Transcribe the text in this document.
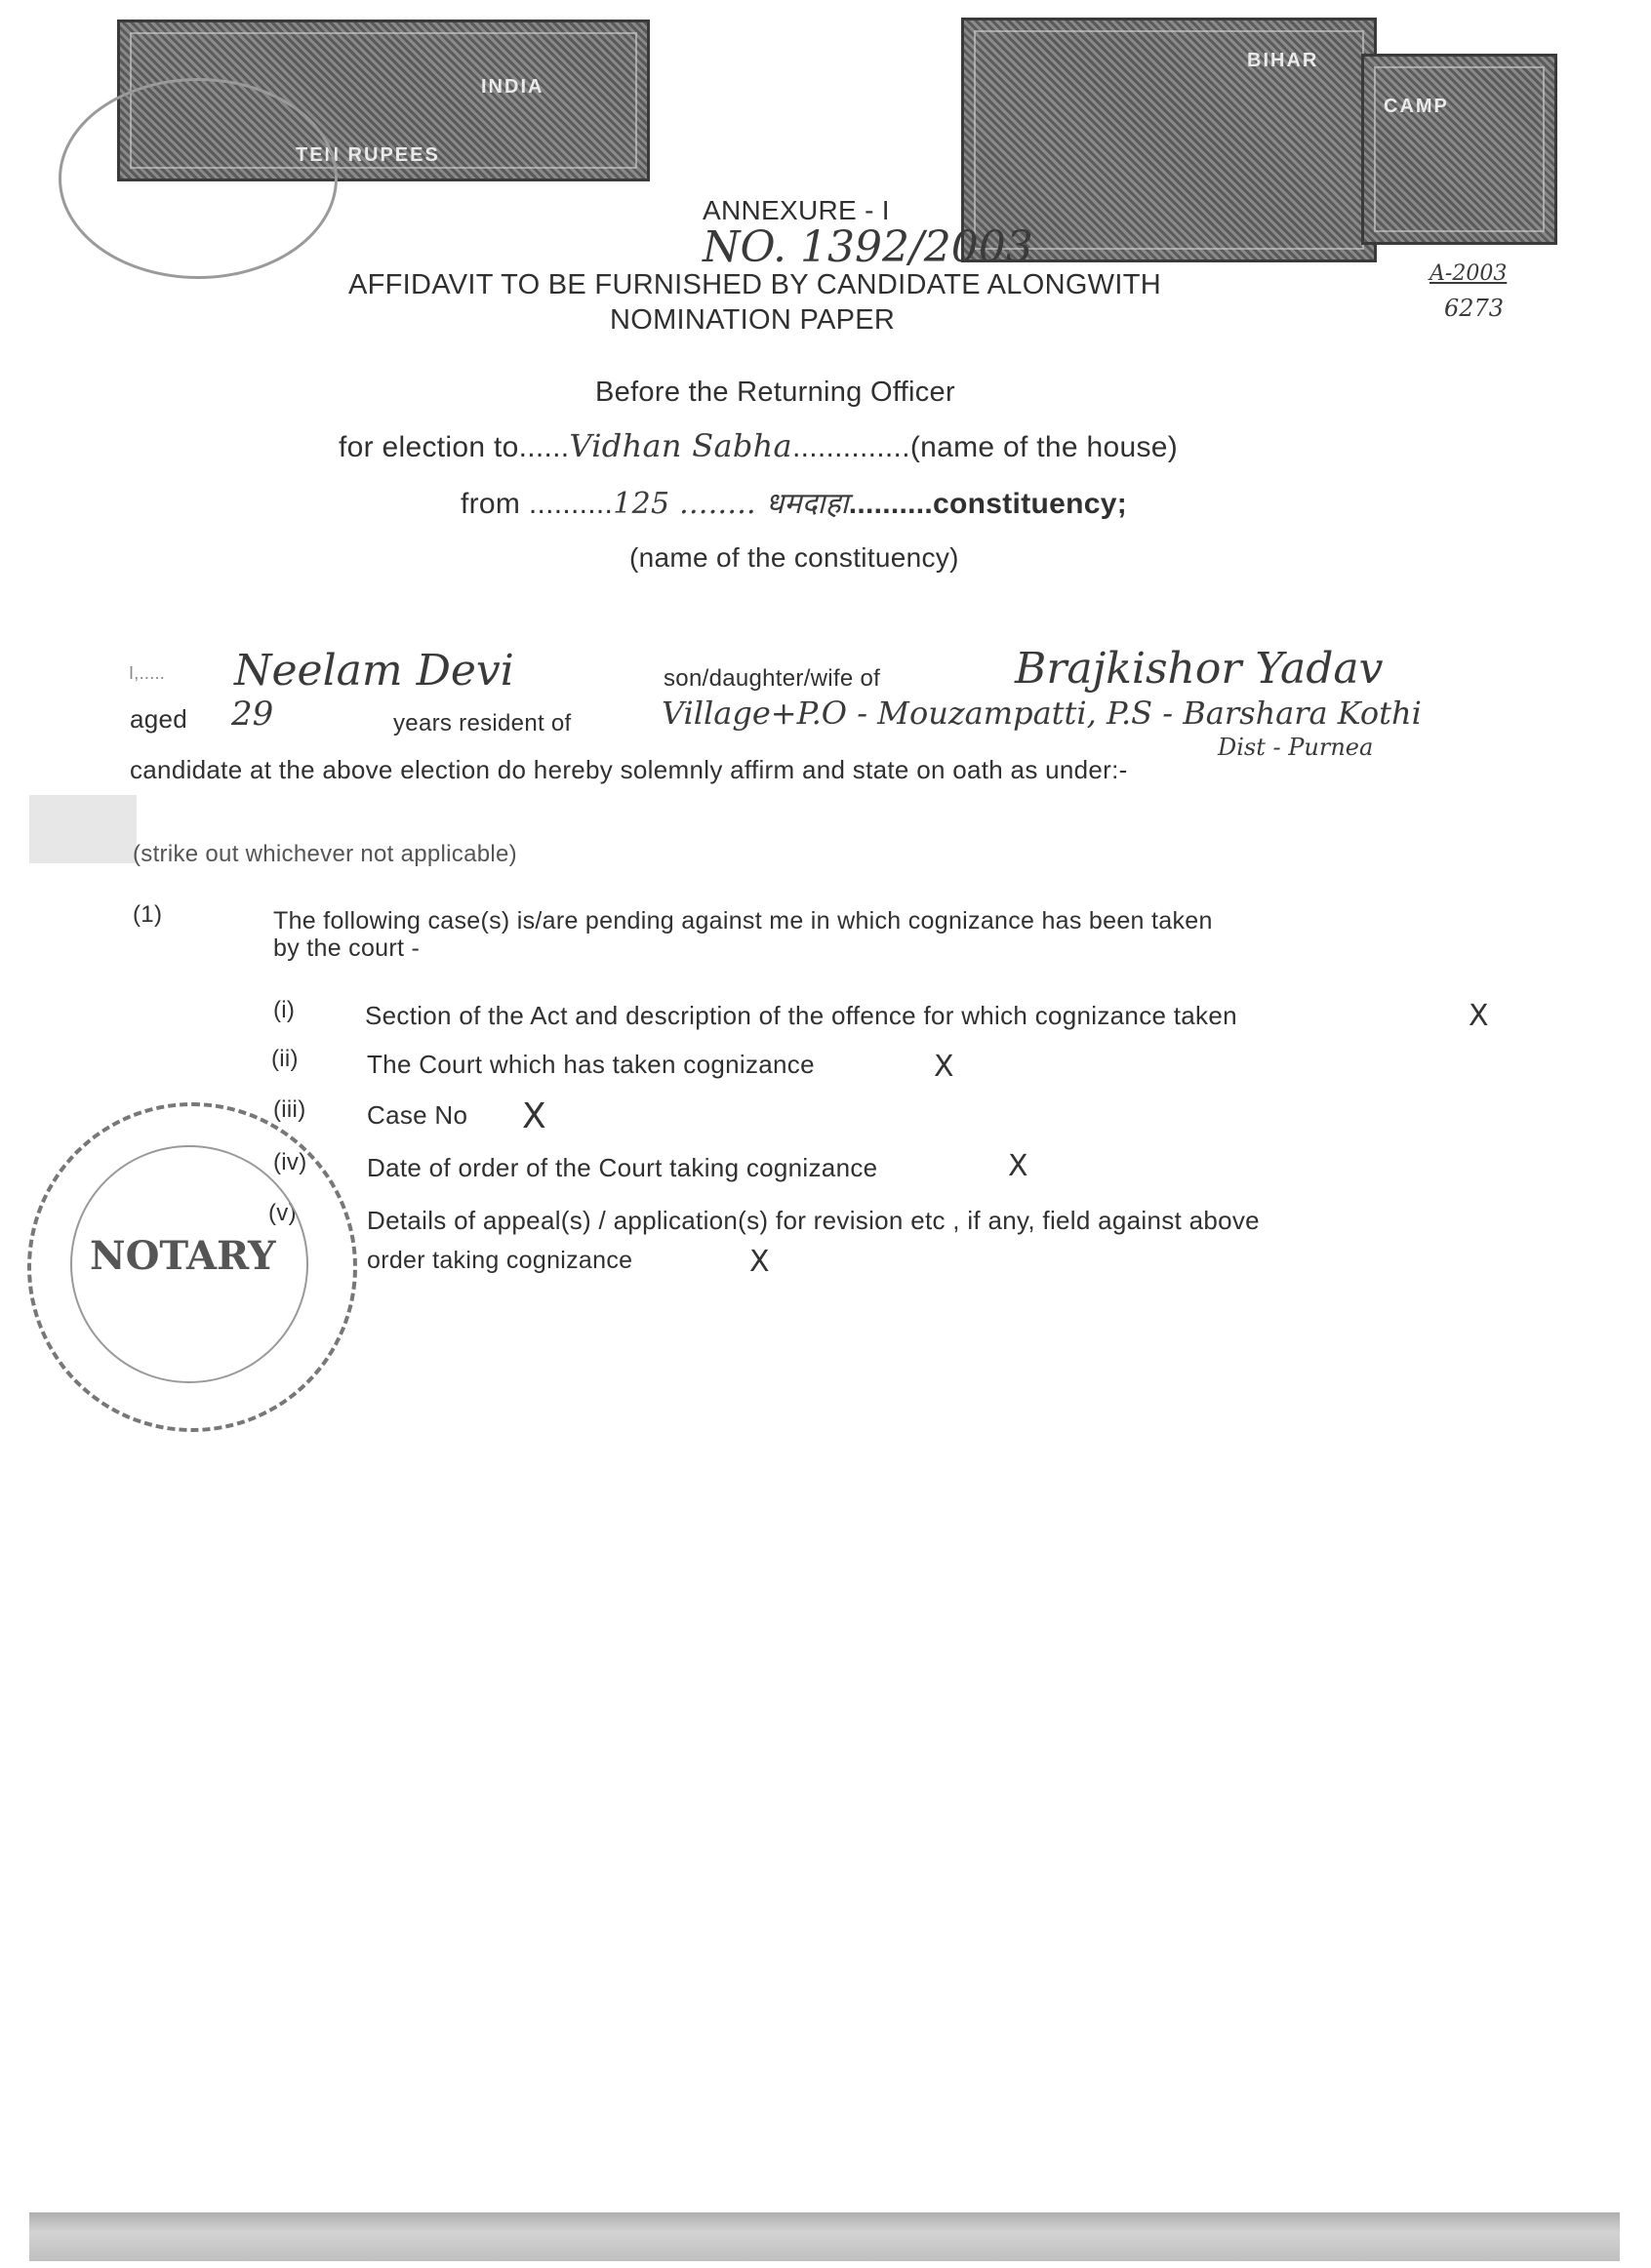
INDIA
TEN RUPEES
BIHAR
CAMP
ANNEXURE - I
NO. 1392/2003
A-2003
6273
AFFIDAVIT TO BE FURNISHED BY CANDIDATE ALONGWITH
NOMINATION PAPER
Before the Returning Officer
for election to......Vidhan Sabha..............(name of the house)
from ..........125 ........ धमदाहा..........constituency;
(name of the constituency)
I,..... Neelam Devi	son/daughter/wife of	Brajkishor Yadav
aged 29	years resident of	Village+P.O - Mouzampatti, P.S - Barshara Kothi
Dist - Purnea
candidate at the above election do hereby solemnly affirm and state on oath as under:-
(strike out whichever not applicable)
(1)	The following case(s) is/are pending against me in which cognizance has been taken
by the court -
(i)	Section of the Act and description of the offence for which cognizance taken	X
(ii)	The Court which has taken cognizance	X
(iii) Case No X
(iv) Date of order of the Court taking cognizance	X
(v)	Details of appeal(s) / application(s) for revision etc , if any, field against above
order taking cognizance	X
NOTARY
